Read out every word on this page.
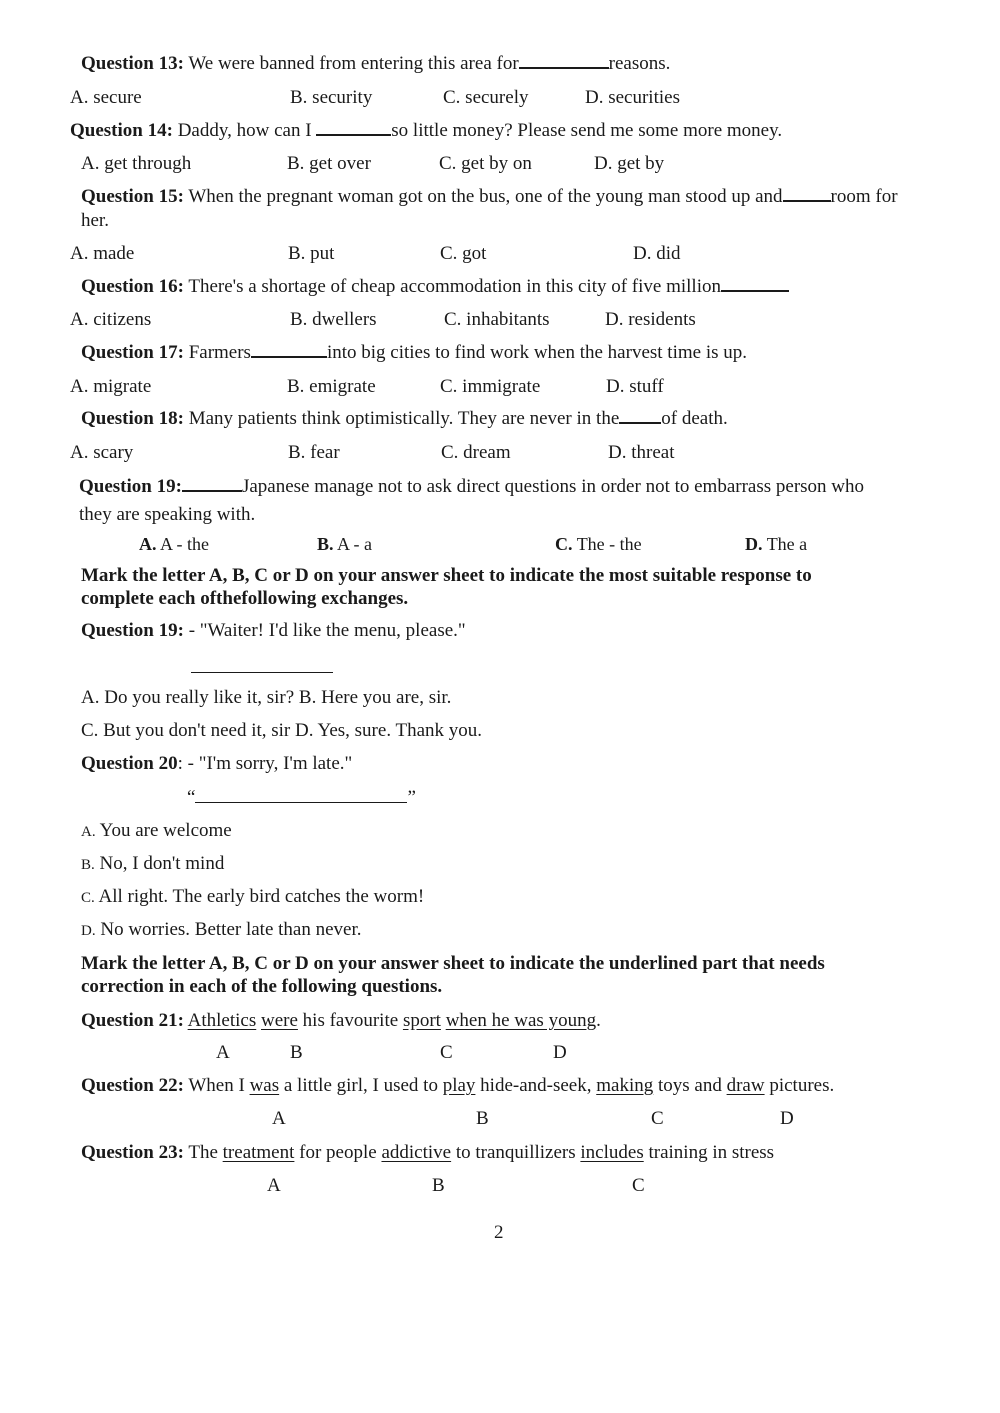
Question 13: We were banned from entering this area for	reasons.
A. secure	B. security	C. securely	D. securities
Question 14: Daddy, how can I	so little money? Please send me some more money.
A. get through	B. get over	C. get by on	D. get by
Question 15: When the pregnant woman got on the bus, one of the young man stood up and	room for
her.
A. made	B. put	C. got	D. did
Question 16: There's a shortage of cheap accommodation in this city of five million
A. citizens	B. dwellers	C. inhabitants	D. residents
Question 17: Farmers	into big cities to find work when the harvest time is up.
A. migrate	B. emigrate	C. immigrate	D. stuff
Question 18: Many patients think optimistically. They are never in the of death.
A. scary	B. fear	C. dream	D. threat
Question 19:	Japanese manage not to ask direct questions in order not to embarrass person who
they are speaking with.
A. A - the	B. A - a	C. The - the	D. The a
Mark the letter A, B, C or D on your answer sheet to indicate the most suitable response to
complete each ofthefollowing exchanges.
Question 19: - "Waiter! I'd like the menu, please."
A. Do you really like it, sir? B. Here you are, sir.
C. But you don't need it, sir D. Yes, sure. Thank you.
Question 20: - "I'm sorry, I'm late."
“	”
A. You are welcome
B. No, I don't mind
C. All right. The early bird catches the worm!
D. No worries. Better late than never.
Mark the letter A, B, C or D on your answer sheet to indicate the underlined part that needs
correction in each of the following questions.
Question 21: Athletics were his favourite sport when he was young.
A	B	C	D
Question 22: When I was a little girl, I used to play hide-and-seek, making toys and draw pictures.
A	B	C	D
Question 23: The treatment for people addictive to tranquillizers includes training in stress
A	B	C
2
